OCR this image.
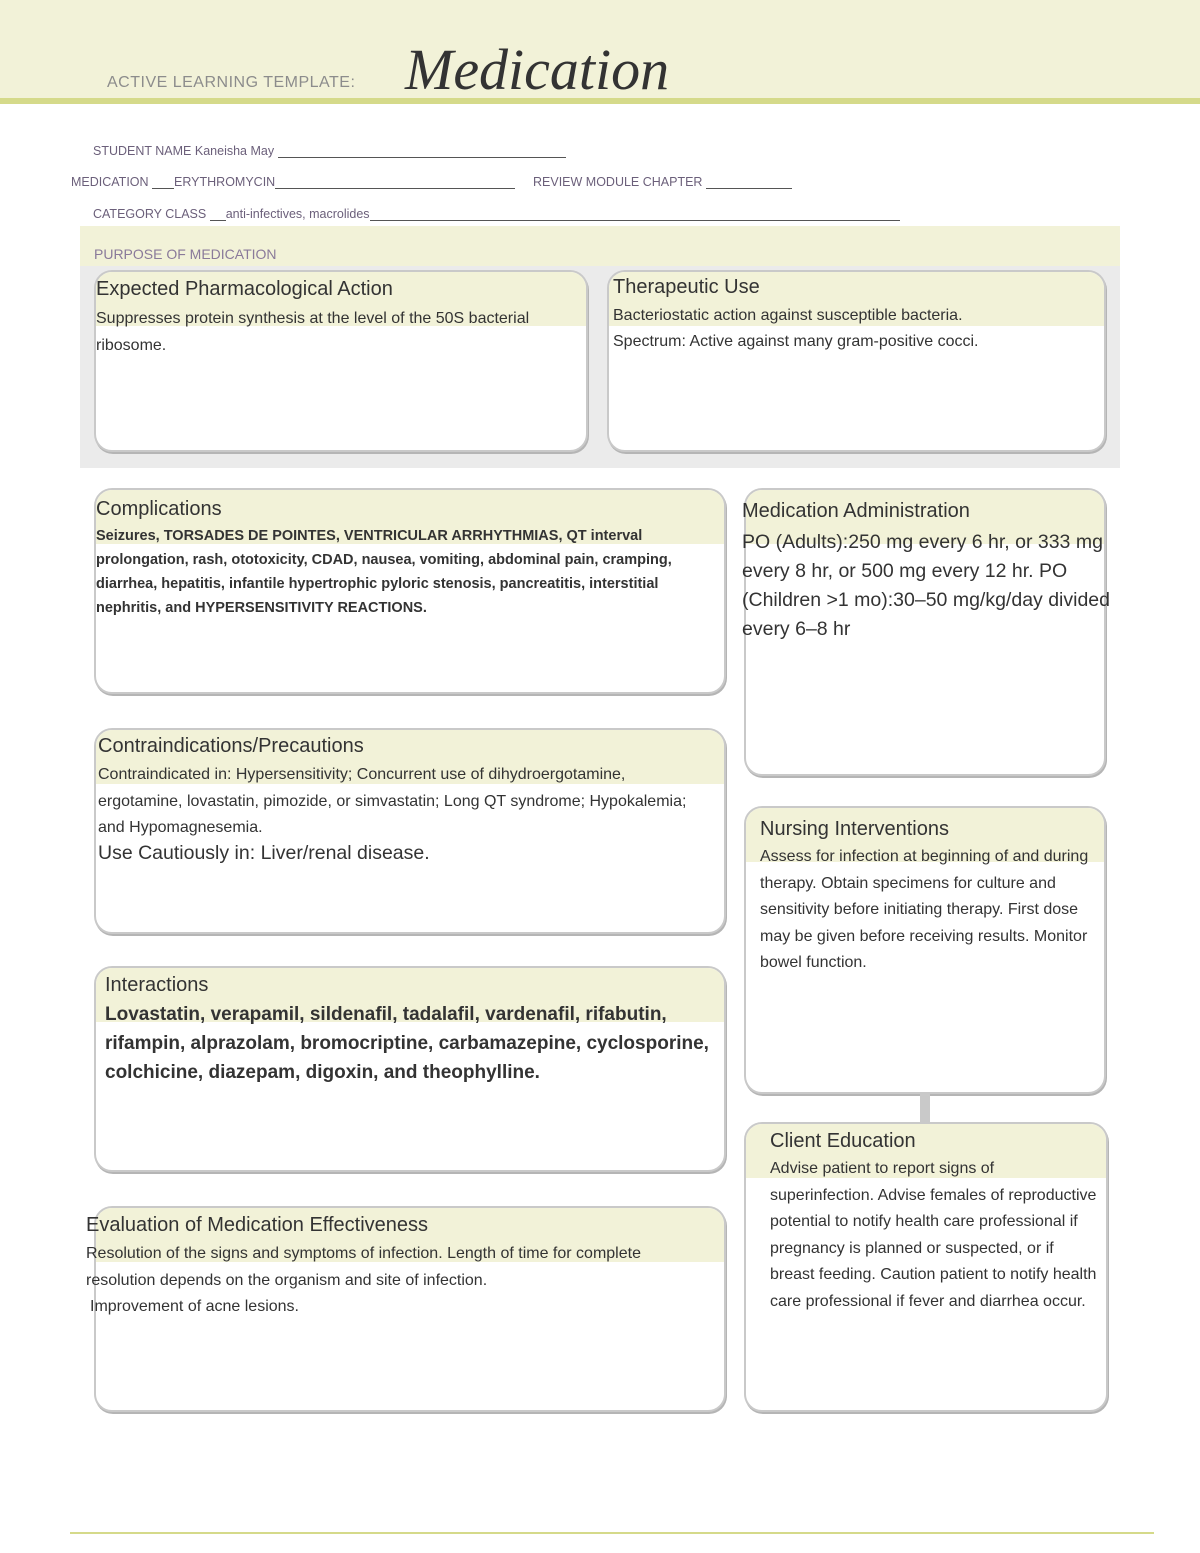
ACTIVE LEARNING TEMPLATE: Medication
STUDENT NAME Kaneisha May
MEDICATION ERYTHROMYCIN	REVIEW MODULE CHAPTER
CATEGORY CLASS anti-infectives, macrolides
PURPOSE OF MEDICATION
Expected Pharmacological Action
Suppresses protein synthesis at the level of the 50S bacterial ribosome.
Therapeutic Use
Bacteriostatic action against susceptible bacteria.
Spectrum: Active against many gram-positive cocci.
Complications
Seizures, TORSADES DE POINTES, VENTRICULAR ARRHYTHMIAS, QT interval prolongation, rash, ototoxicity, CDAD, nausea, vomiting, abdominal pain, cramping, diarrhea, hepatitis, infantile hypertrophic pyloric stenosis, pancreatitis, interstitial nephritis, and HYPERSENSITIVITY REACTIONS.
Medication Administration
PO (Adults):250 mg every 6 hr, or 333 mg every 8 hr, or 500 mg every 12 hr. PO (Children >1 mo):30–50 mg/kg/day divided every 6–8 hr
Contraindications/Precautions
Contraindicated in: Hypersensitivity; Concurrent use of dihydroergotamine, ergotamine, lovastatin, pimozide, or simvastatin; Long QT syndrome; Hypokalemia; and Hypomagnesemia.
Use Cautiously in: Liver/renal disease.
Nursing Interventions
Assess for infection at beginning of and during therapy. Obtain specimens for culture and sensitivity before initiating therapy. First dose may be given before receiving results. Monitor bowel function.
Interactions
Lovastatin, verapamil, sildenafil, tadalafil, vardenafil, rifabutin, rifampin, alprazolam, bromocriptine, carbamazepine, cyclosporine, colchicine, diazepam, digoxin, and theophylline.
Client Education
Advise patient to report signs of superinfection. Advise females of reproductive potential to notify health care professional if pregnancy is planned or suspected, or if breast feeding. Caution patient to notify health care professional if fever and diarrhea occur.
Evaluation of Medication Effectiveness
Resolution of the signs and symptoms of infection. Length of time for complete resolution depends on the organism and site of infection.
Improvement of acne lesions.
